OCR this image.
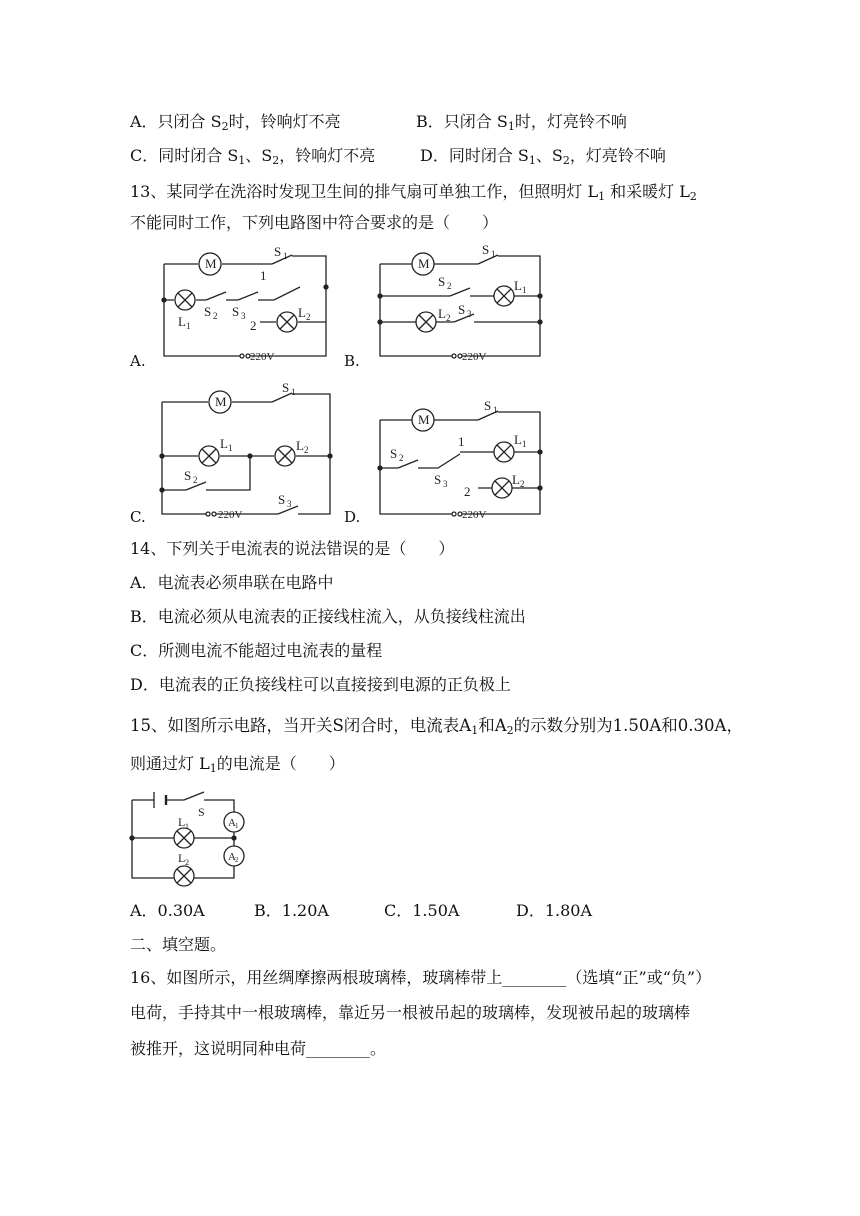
A．只闭合 $S_2$时，铃响灯不亮	B．只闭合 $S_1$时，灯亮铃不响
C．同时闭合 $S_1$、$S_2$，铃响灯不亮	D．同时闭合 $S_1$、$S_2$，灯亮铃不响
13、某同学在洗浴时发现卫生间的排气扇可单独工作，但照明灯 $L_1$ 和采暖灯 $L_2$
不能同时工作，下列电路图中符合要求的是（　　）
M
S 1
1
L 1
S 2 S 3
2
L 2
220V
A.
M
S 1
S 2	L 1
L 2
S 3
220V
B.
M
S 1
L 1	L 2
S 2
S 3
220V
C.
M
S 1
1	L 1
S 2
S 3 2
L 2
220V
D.
14、下列关于电流表的说法错误的是（　　）
A．电流表必须串联在电路中
B．电流必须从电流表的正接线柱流入，从负接线柱流出
C．所测电流不能超过电流表的量程
D．电流表的正负接线柱可以直接接到电源的正负极上
15、如图所示电路，当开关S闭合时，电流表$A_1$和$A_2$的示数分别为1.50A和0.30A，
则通过灯 $L_1$的电流是（　　）
S
L 1
L 2
A 1
A 2
A．0.30A	B．1.20A	C．1.50A	D．1.80A
二、填空题。
16、如图所示，用丝绸摩擦两根玻璃棒，玻璃棒带上________（选填“正”或“负”）
电荷，手持其中一根玻璃棒，靠近另一根被吊起的玻璃棒，发现被吊起的玻璃棒
被推开，这说明同种电荷________。
